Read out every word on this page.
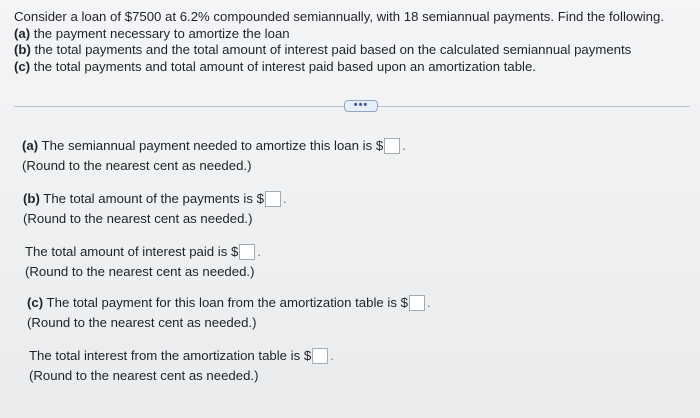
Consider a loan of $7500 at 6.2% compounded semiannually, with 18 semiannual payments. Find the following.
(a) the payment necessary to amortize the loan
(b) the total payments and the total amount of interest paid based on the calculated semiannual payments
(c) the total payments and total amount of interest paid based upon an amortization table.
•••
(a) The semiannual payment needed to amortize this loan is $ .
(Round to the nearest cent as needed.)
(b) The total amount of the payments is $ .
(Round to the nearest cent as needed.)
The total amount of interest paid is $ .
(Round to the nearest cent as needed.)
(c) The total payment for this loan from the amortization table is $ .
(Round to the nearest cent as needed.)
The total interest from the amortization table is $ .
(Round to the nearest cent as needed.)
